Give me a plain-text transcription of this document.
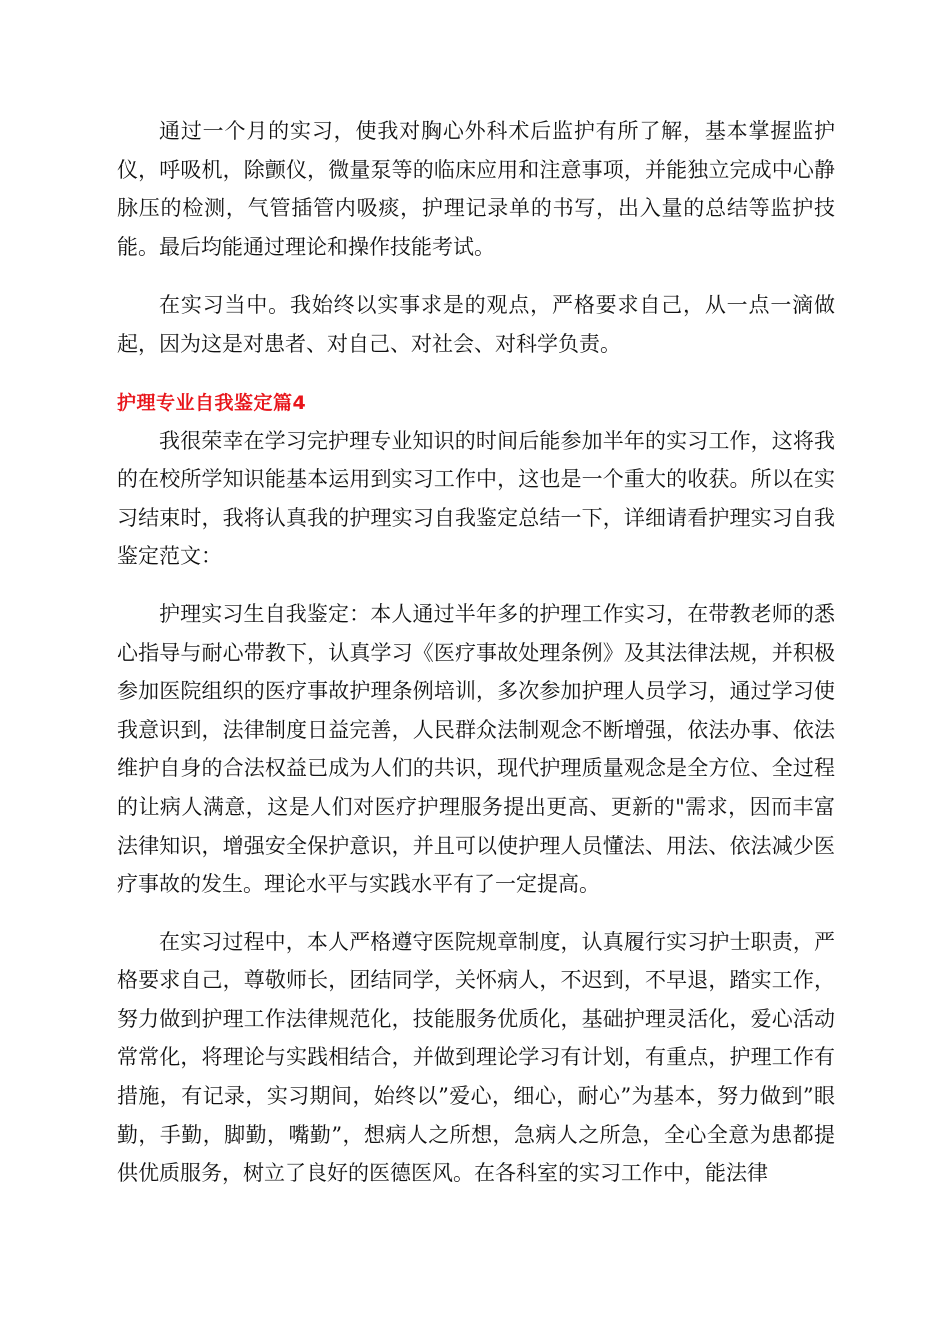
通过一个月的实习，使我对胸心外科术后监护有所了解，基本掌握监护仪，呼吸机，除颤仪，微量泵等的临床应用和注意事项，并能独立完成中心静脉压的检测，气管插管内吸痰，护理记录单的书写，出入量的总结等监护技能。最后均能通过理论和操作技能考试。

在实习当中。我始终以实事求是的观点，严格要求自己，从一点一滴做起，因为这是对患者、对自己、对社会、对科学负责。

护理专业自我鉴定篇4

我很荣幸在学习完护理专业知识的时间后能参加半年的实习工作，这将我的在校所学知识能基本运用到实习工作中，这也是一个重大的收获。所以在实习结束时，我将认真我的护理实习自我鉴定总结一下，详细请看护理实习自我鉴定范文：

护理实习生自我鉴定：本人通过半年多的护理工作实习，在带教老师的悉心指导与耐心带教下，认真学习《医疗事故处理条例》及其法律法规，并积极参加医院组织的医疗事故护理条例培训，多次参加护理人员学习，通过学习使我意识到，法律制度日益完善，人民群众法制观念不断增强，依法办事、依法维护自身的合法权益已成为人们的共识，现代护理质量观念是全方位、全过程的让病人满意，这是人们对医疗护理服务提出更高、更新的"需求，因而丰富法律知识，增强安全保护意识，并且可以使护理人员懂法、用法、依法减少医疗事故的发生。理论水平与实践水平有了一定提高。

在实习过程中，本人严格遵守医院规章制度，认真履行实习护士职责，严格要求自己，尊敬师长，团结同学，关怀病人，不迟到，不早退，踏实工作，努力做到护理工作法律规范化，技能服务优质化，基础护理灵活化，爱心活动常常化，将理论与实践相结合，并做到理论学习有计划，有重点，护理工作有措施，有记录，实习期间，始终以”爱心，细心，耐心”为基本，努力做到”眼勤，手勤，脚勤，嘴勤”，想病人之所想，急病人之所急，全心全意为患都提供优质服务，树立了良好的医德医风。在各科室的实习工作中，能法律
